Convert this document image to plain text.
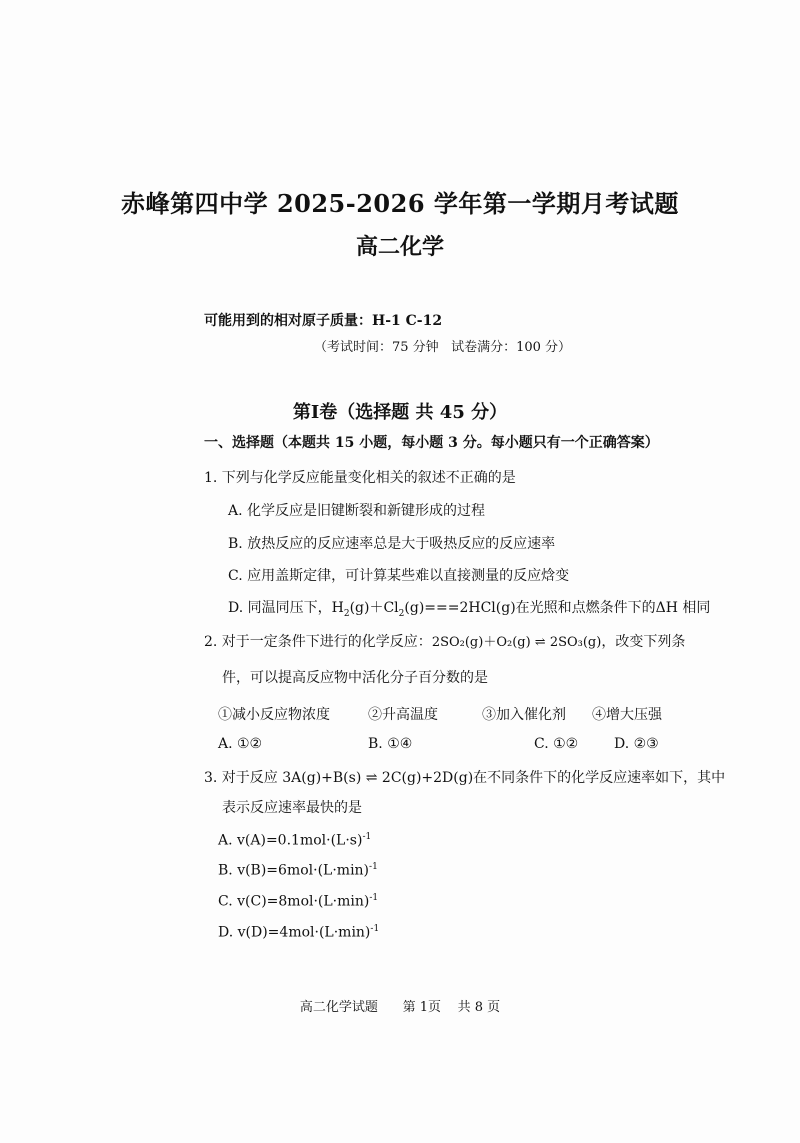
赤峰第四中学 2025-2026 学年第一学期月考试题
高二化学
可能用到的相对原子质量：H-1 C-12
（考试时间：75 分钟   试卷满分：100 分）
第Ⅰ卷（选择题 共 45 分）
一、选择题（本题共 15 小题，每小题 3 分。每小题只有一个正确答案）
1. 下列与化学反应能量变化相关的叙述不正确的是
A. 化学反应是旧键断裂和新键形成的过程
B. 放热反应的反应速率总是大于吸热反应的反应速率
C. 应用盖斯定律，可计算某些难以直接测量的反应焓变
D. 同温同压下，$H_2(g)+Cl_2(g)===2HCl(g)$在光照和点燃条件下的ΔH 相同
2. 对于一定条件下进行的化学反应：2SO₂(g)＋O₂(g) ⇌ 2SO₃(g)，改变下列条
件，可以提高反应物中活化分子百分数的是
①减小反应物浓度	②升高温度	③加入催化剂 ④增大压强
A. ①②	B. ①④	C. ①②	D. ②③
3. 对于反应 3A(g)+B(s) ⇌ 2C(g)+2D(g)在不同条件下的化学反应速率如下，其中
表示反应速率最快的是
A. $v(A)=0.1mol\cdot(L\cdot s)^{-1}$
B. $v(B)=6mol\cdot(L\cdot\min)^{-1}$
C. $v(C)=8mol\cdot(L\cdot\min)^{-1}$
D. $v(D)=4mol\cdot(L\cdot\min)^{-1}$
高二化学试题      第 1页    共 8 页
